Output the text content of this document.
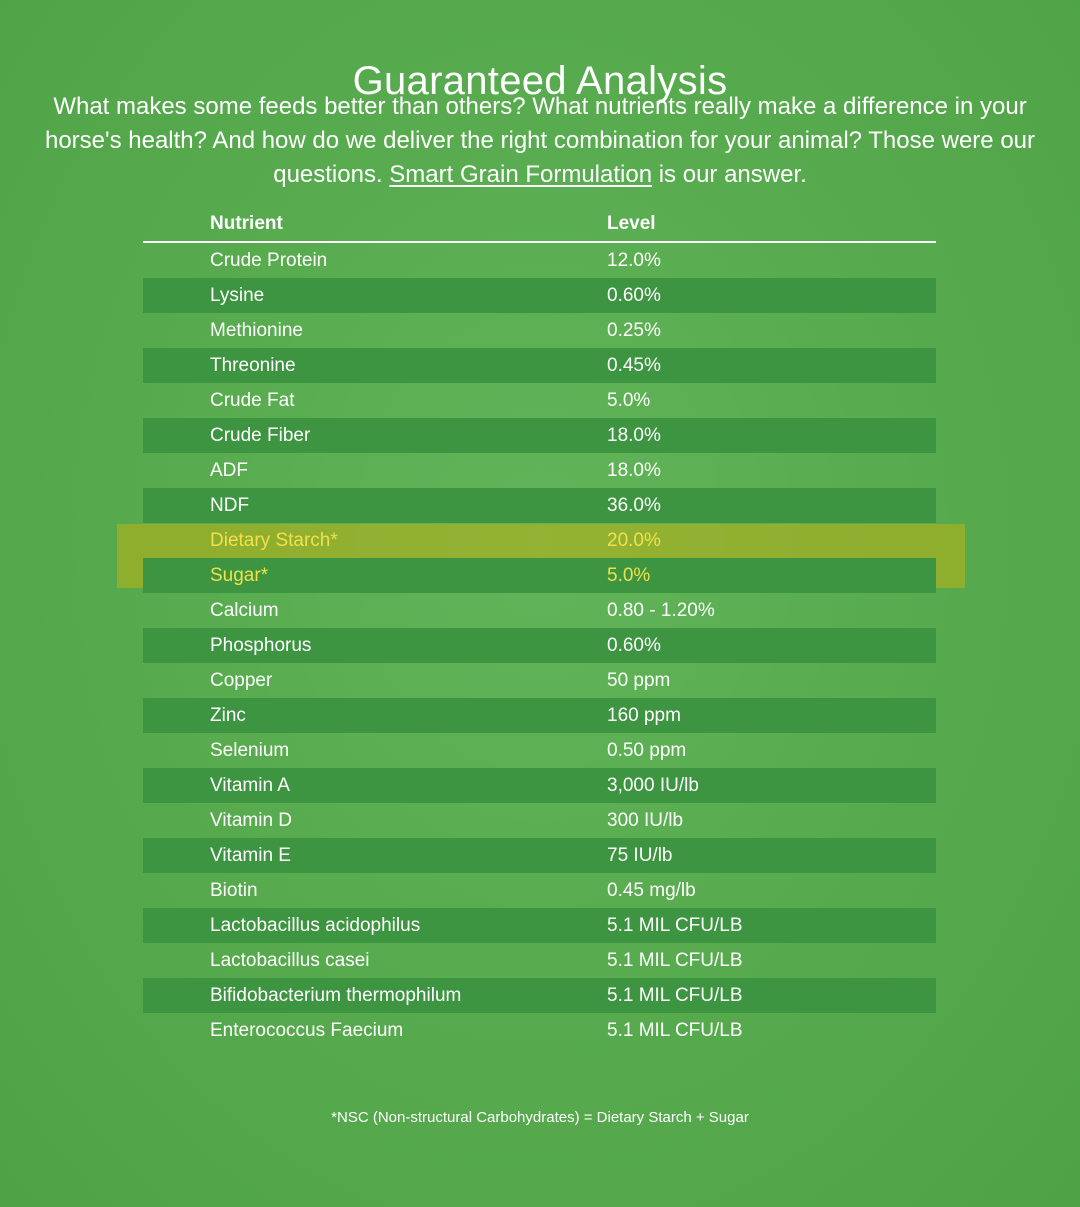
Guaranteed Analysis

What makes some feeds better than others? What nutrients really make a difference in your horse's health? And how do we deliver the right combination for your animal? Those were our questions. Smart Grain Formulation is our answer.

Nutrient	Level
Crude Protein	12.0%
Lysine	0.60%
Methionine	0.25%
Threonine	0.45%
Crude Fat	5.0%
Crude Fiber	18.0%
ADF	18.0%
NDF	36.0%
Dietary Starch*	20.0%
Sugar*	5.0%
Calcium	0.80 - 1.20%
Phosphorus	0.60%
Copper	50 ppm
Zinc	160 ppm
Selenium	0.50 ppm
Vitamin A	3,000 IU/lb
Vitamin D	300 IU/lb
Vitamin E	75 IU/lb
Biotin	0.45 mg/lb
Lactobacillus acidophilus	5.1 MIL CFU/LB
Lactobacillus casei	5.1 MIL CFU/LB
Bifidobacterium thermophilum	5.1 MIL CFU/LB
Enterococcus Faecium	5.1 MIL CFU/LB
*NSC (Non-structural Carbohydrates) = Dietary Starch + Sugar
